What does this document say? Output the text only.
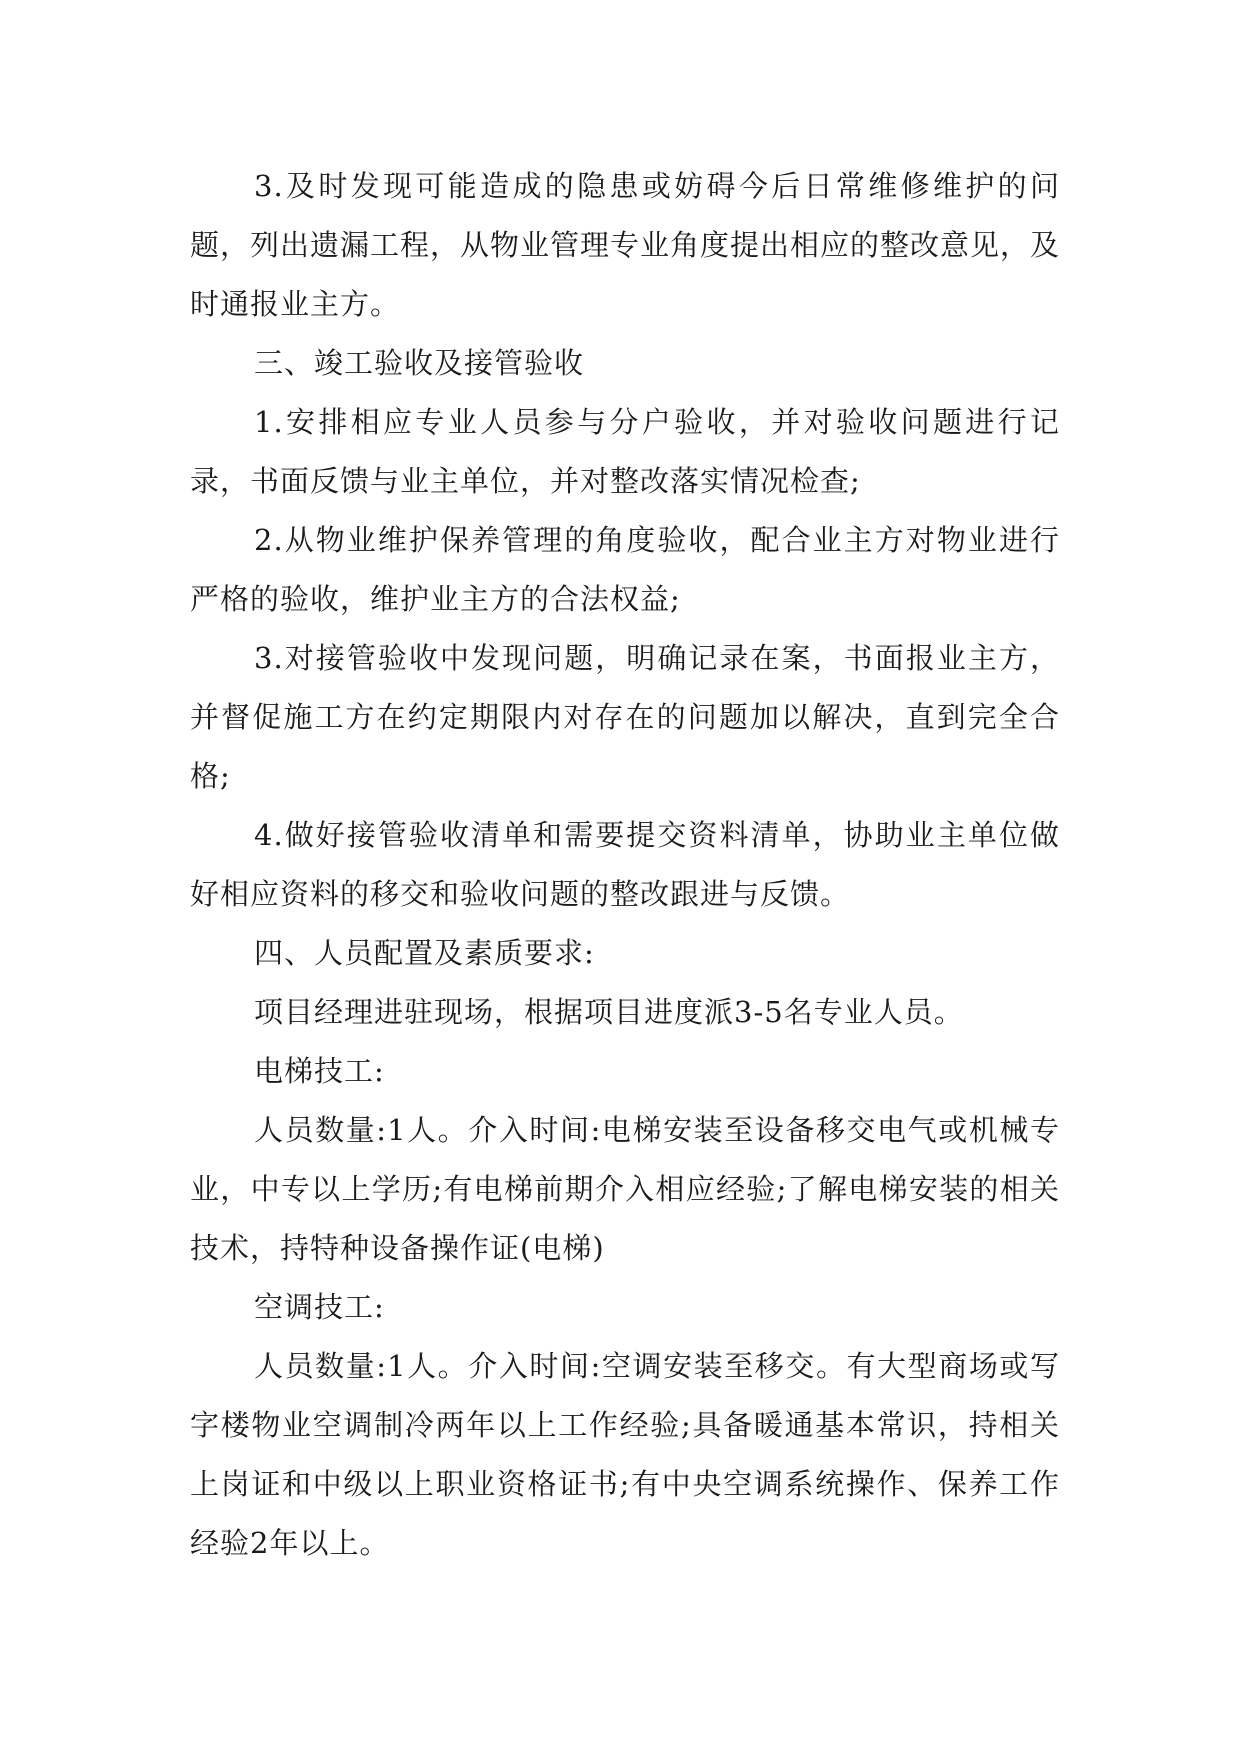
3.及时发现可能造成的隐患或妨碍今后日常维修维护的问题，列出遗漏工程，从物业管理专业角度提出相应的整改意见，及时通报业主方。

三、竣工验收及接管验收

1.安排相应专业人员参与分户验收，并对验收问题进行记录，书面反馈与业主单位，并对整改落实情况检查;

2.从物业维护保养管理的角度验收，配合业主方对物业进行严格的验收，维护业主方的合法权益;

3.对接管验收中发现问题，明确记录在案，书面报业主方，并督促施工方在约定期限内对存在的问题加以解决，直到完全合格;

4.做好接管验收清单和需要提交资料清单，协助业主单位做好相应资料的移交和验收问题的整改跟进与反馈。

四、人员配置及素质要求:

项目经理进驻现场，根据项目进度派3-5名专业人员。

电梯技工:

人员数量:1人。介入时间:电梯安装至设备移交电气或机械专业，中专以上学历;有电梯前期介入相应经验;了解电梯安装的相关技术，持特种设备操作证(电梯)

空调技工:

人员数量:1人。介入时间:空调安装至移交。有大型商场或写字楼物业空调制冷两年以上工作经验;具备暖通基本常识，持相关上岗证和中级以上职业资格证书;有中央空调系统操作、保养工作经验2年以上。
